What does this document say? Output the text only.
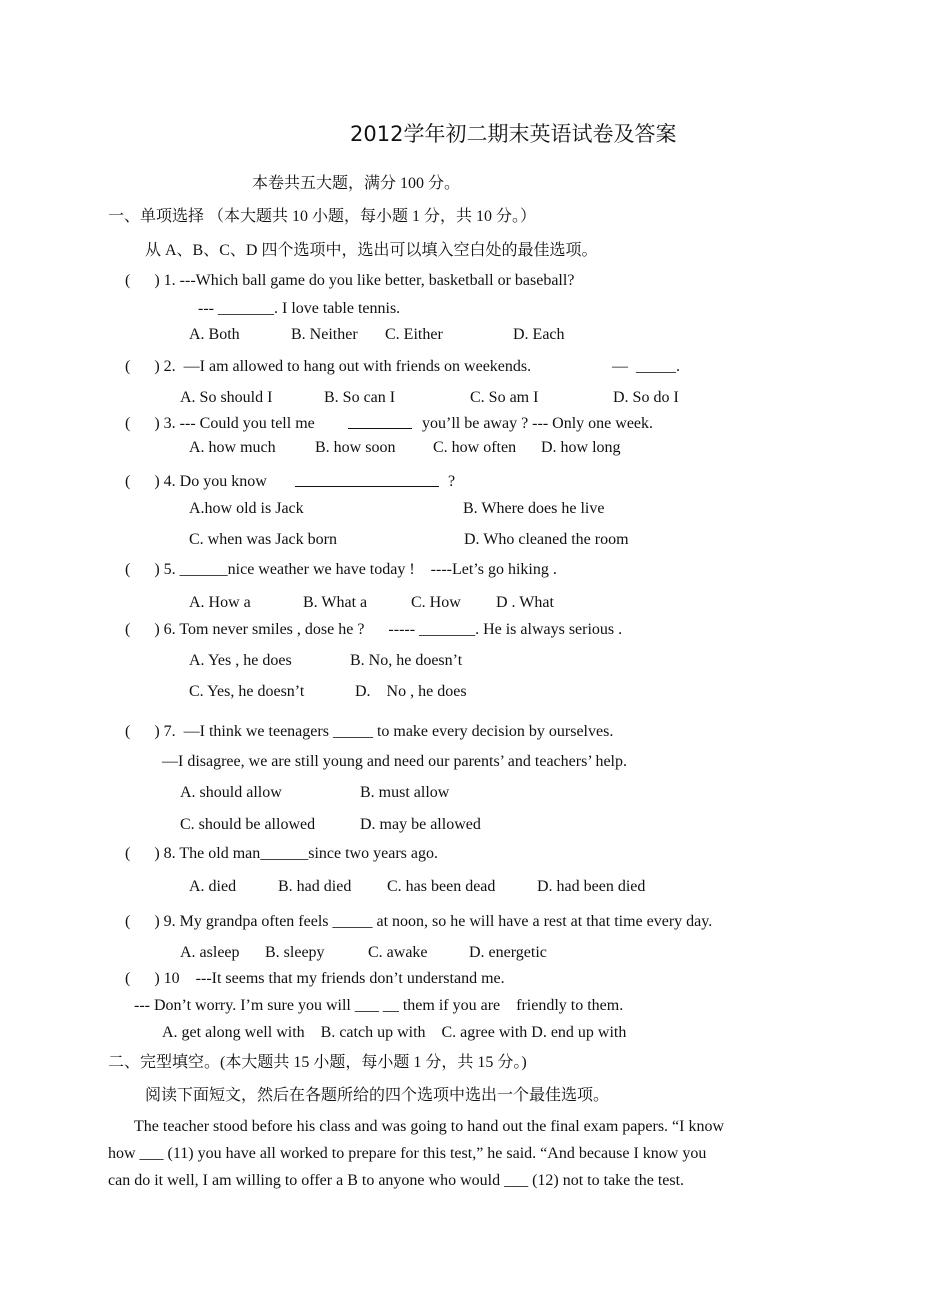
2012学年初二期末英语试卷及答案
本卷共五大题，满分 100 分。
一、单项选择 （本大题共 10 小题，每小题 1 分，共 10 分。）
从 A、B、C、D 四个选项中，选出可以填入空白处的最佳选项。
(      ) 1. ---Which ball game do you like better, basketball or baseball?
--- _______. I love table tennis.
A. Both	B. Neither C. Either	D. Each
(      ) 2.  —I am allowed to hang out with friends on weekends.	—  _____.
A. So should I	B. So can I	C. So am I	D. So do I
(      ) 3. --- Could you tell me	you’ll be away ? --- Only one week.
A. how much B. how soon C. how often D. how long
(      ) 4. Do you know	?
A.how old is Jack	B. Where does he live
C. when was Jack born	D. Who cleaned the room
(      ) 5. ______nice weather we have today !    ----Let’s go hiking .
A. How a	B. What a	C. How D . What
(      ) 6. Tom never smiles , dose he ?      ----- _______. He is always serious .
A. Yes , he does	B. No, he doesn’t
C. Yes, he doesn’t	D.    No , he does
(      ) 7.  —I think we teenagers _____ to make every decision by ourselves.
—I disagree, we are still young and need our parents’ and teachers’ help.
A. should allow	B. must allow
C. should be allowed	D. may be allowed
(      ) 8. The old man______since two years ago.
A. died	B. had died C. has been dead	D. had been died
(      ) 9. My grandpa often feels _____ at noon, so he will have a rest at that time every day.
A. asleep B. sleepy	C. awake	D. energetic
(      ) 10    ---It seems that my friends don’t understand me.
--- Don’t worry. I’m sure you will ___ __ them if you are    friendly to them.
A. get along well with    B. catch up with    C. agree with D. end up with
二、完型填空。(本大题共 15 小题，每小题 1 分，共 15 分。)
阅读下面短文，然后在各题所给的四个选项中选出一个最佳选项。
The teacher stood before his class and was going to hand out the final exam papers. “I know
how ___ (11) you have all worked to prepare for this test,” he said. “And because I know you
can do it well, I am willing to offer a B to anyone who would ___ (12) not to take the test.
